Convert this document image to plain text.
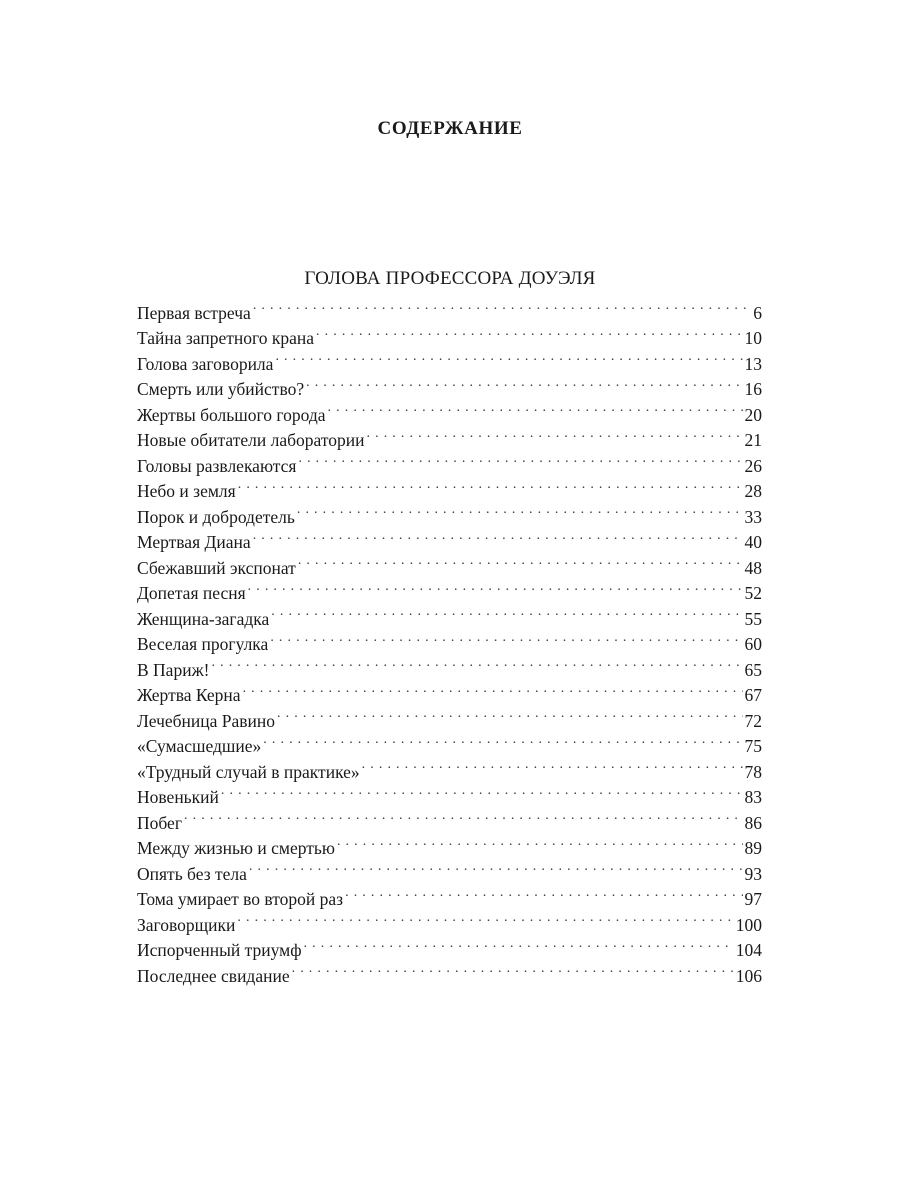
СОДЕРЖАНИЕ
ГОЛОВА ПРОФЕССОРА ДОУЭЛЯ
Первая встреча . . .	6
Тайна запретного крана . . .	10
Голова заговорила . . .	13
Смерть или убийство? . . .	16
Жертвы большого города . . .	20
Новые обитатели лаборатории . . .	21
Головы развлекаются . . .	26
Небо и земля . . .	28
Порок и добродетель . . .	33
Мертвая Диана . . .	40
Сбежавший экспонат . . .	48
Допетая песня . . .	52
Женщина-загадка . . .	55
Веселая прогулка . . .	60
В Париж! . . .	65
Жертва Керна . . .	67
Лечебница Равино . . .	72
«Сумасшедшие» . . .	75
«Трудный случай в практике» . . .	78
Новенький . . .	83
Побег . . .	86
Между жизнью и смертью . . .	89
Опять без тела . . .	93
Тома умирает во второй раз . . .	97
Заговорщики . . .	100
Испорченный триумф . . .	104
Последнее свидание . . .	106
